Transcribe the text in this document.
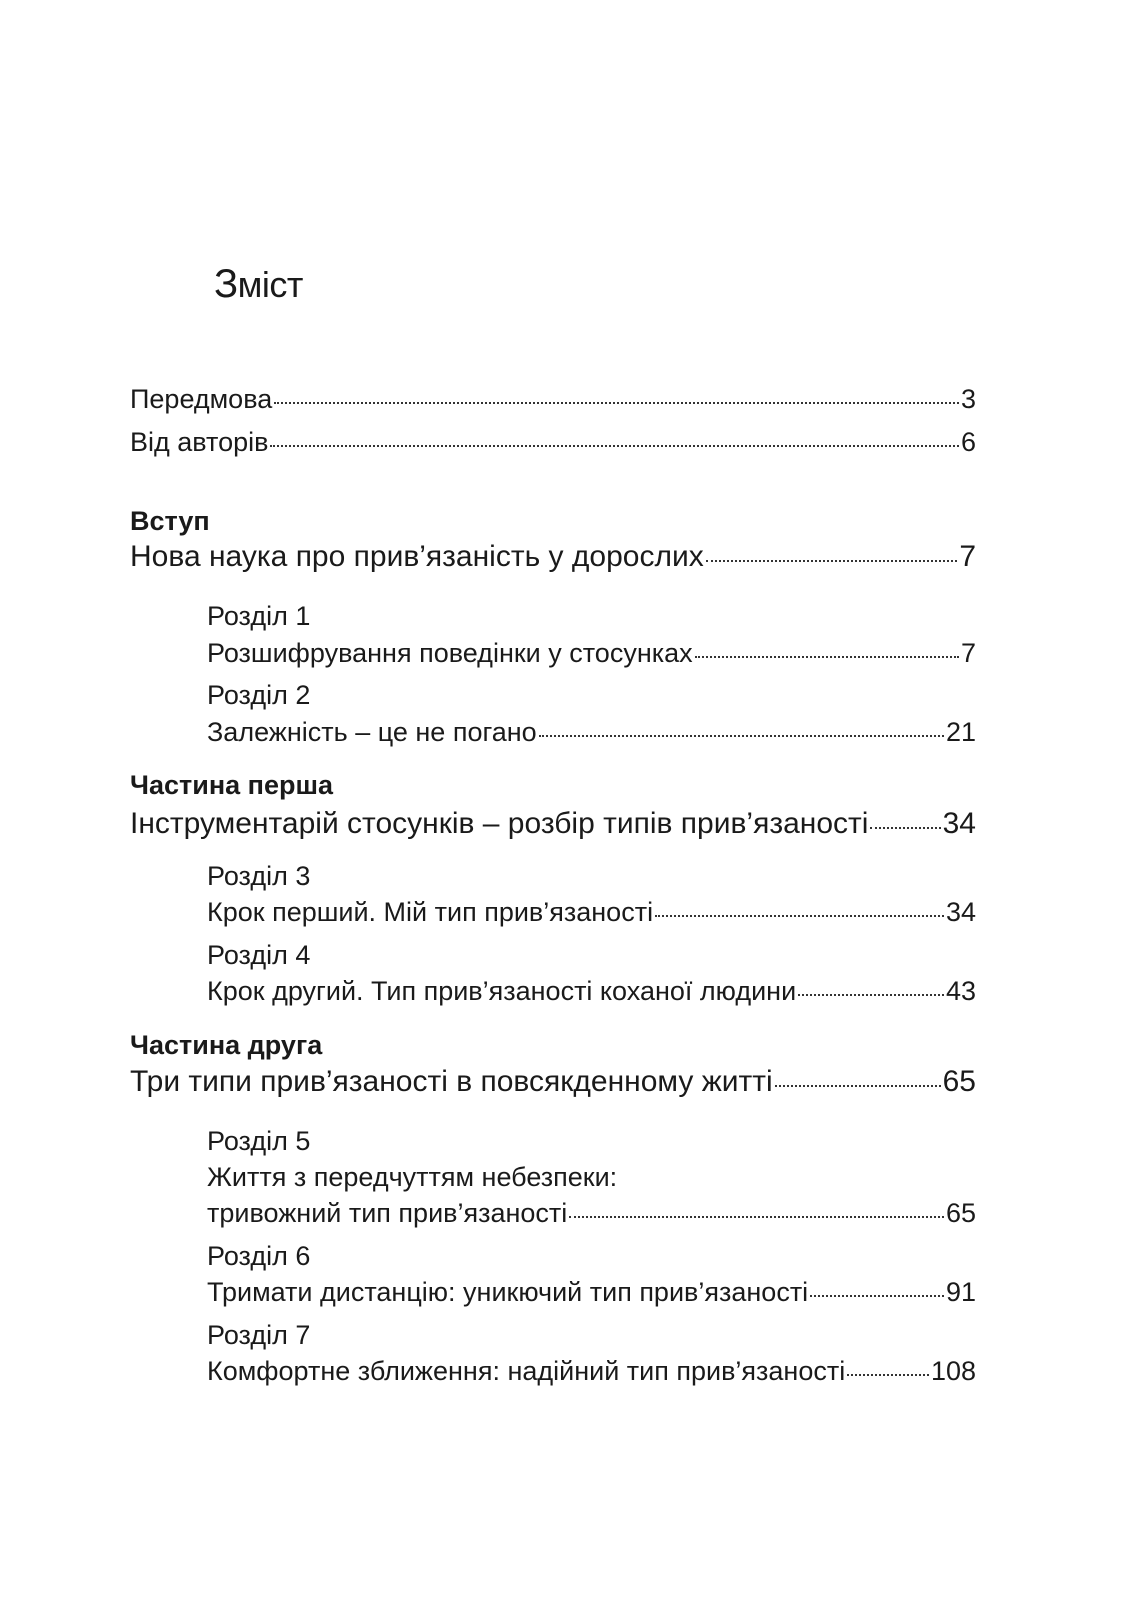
Зміст
Передмова	3
Від авторів	6
Вступ
Нова наука про прив’язаність у дорослих	7
Розділ 1
Розшифрування поведінки у стосунках	7
Розділ 2
Залежність – це не погано	21
Частина перша
Інструментарій стосунків – розбір типів прив’язаності 34
Розділ 3
Крок перший. Мій тип прив’язаності	34
Розділ 4
Крок другий. Тип прив’язаності коханої людини	43
Частина друга
Три типи прив’язаності в повсякденному житті	65
Розділ 5
Життя з передчуттям небезпеки:
тривожний тип прив’язаності	65
Розділ 6
Тримати дистанцію: уникючий тип прив’язаності	91
Розділ 7
Комфортне зближення: надійний тип прив’язаності	108
